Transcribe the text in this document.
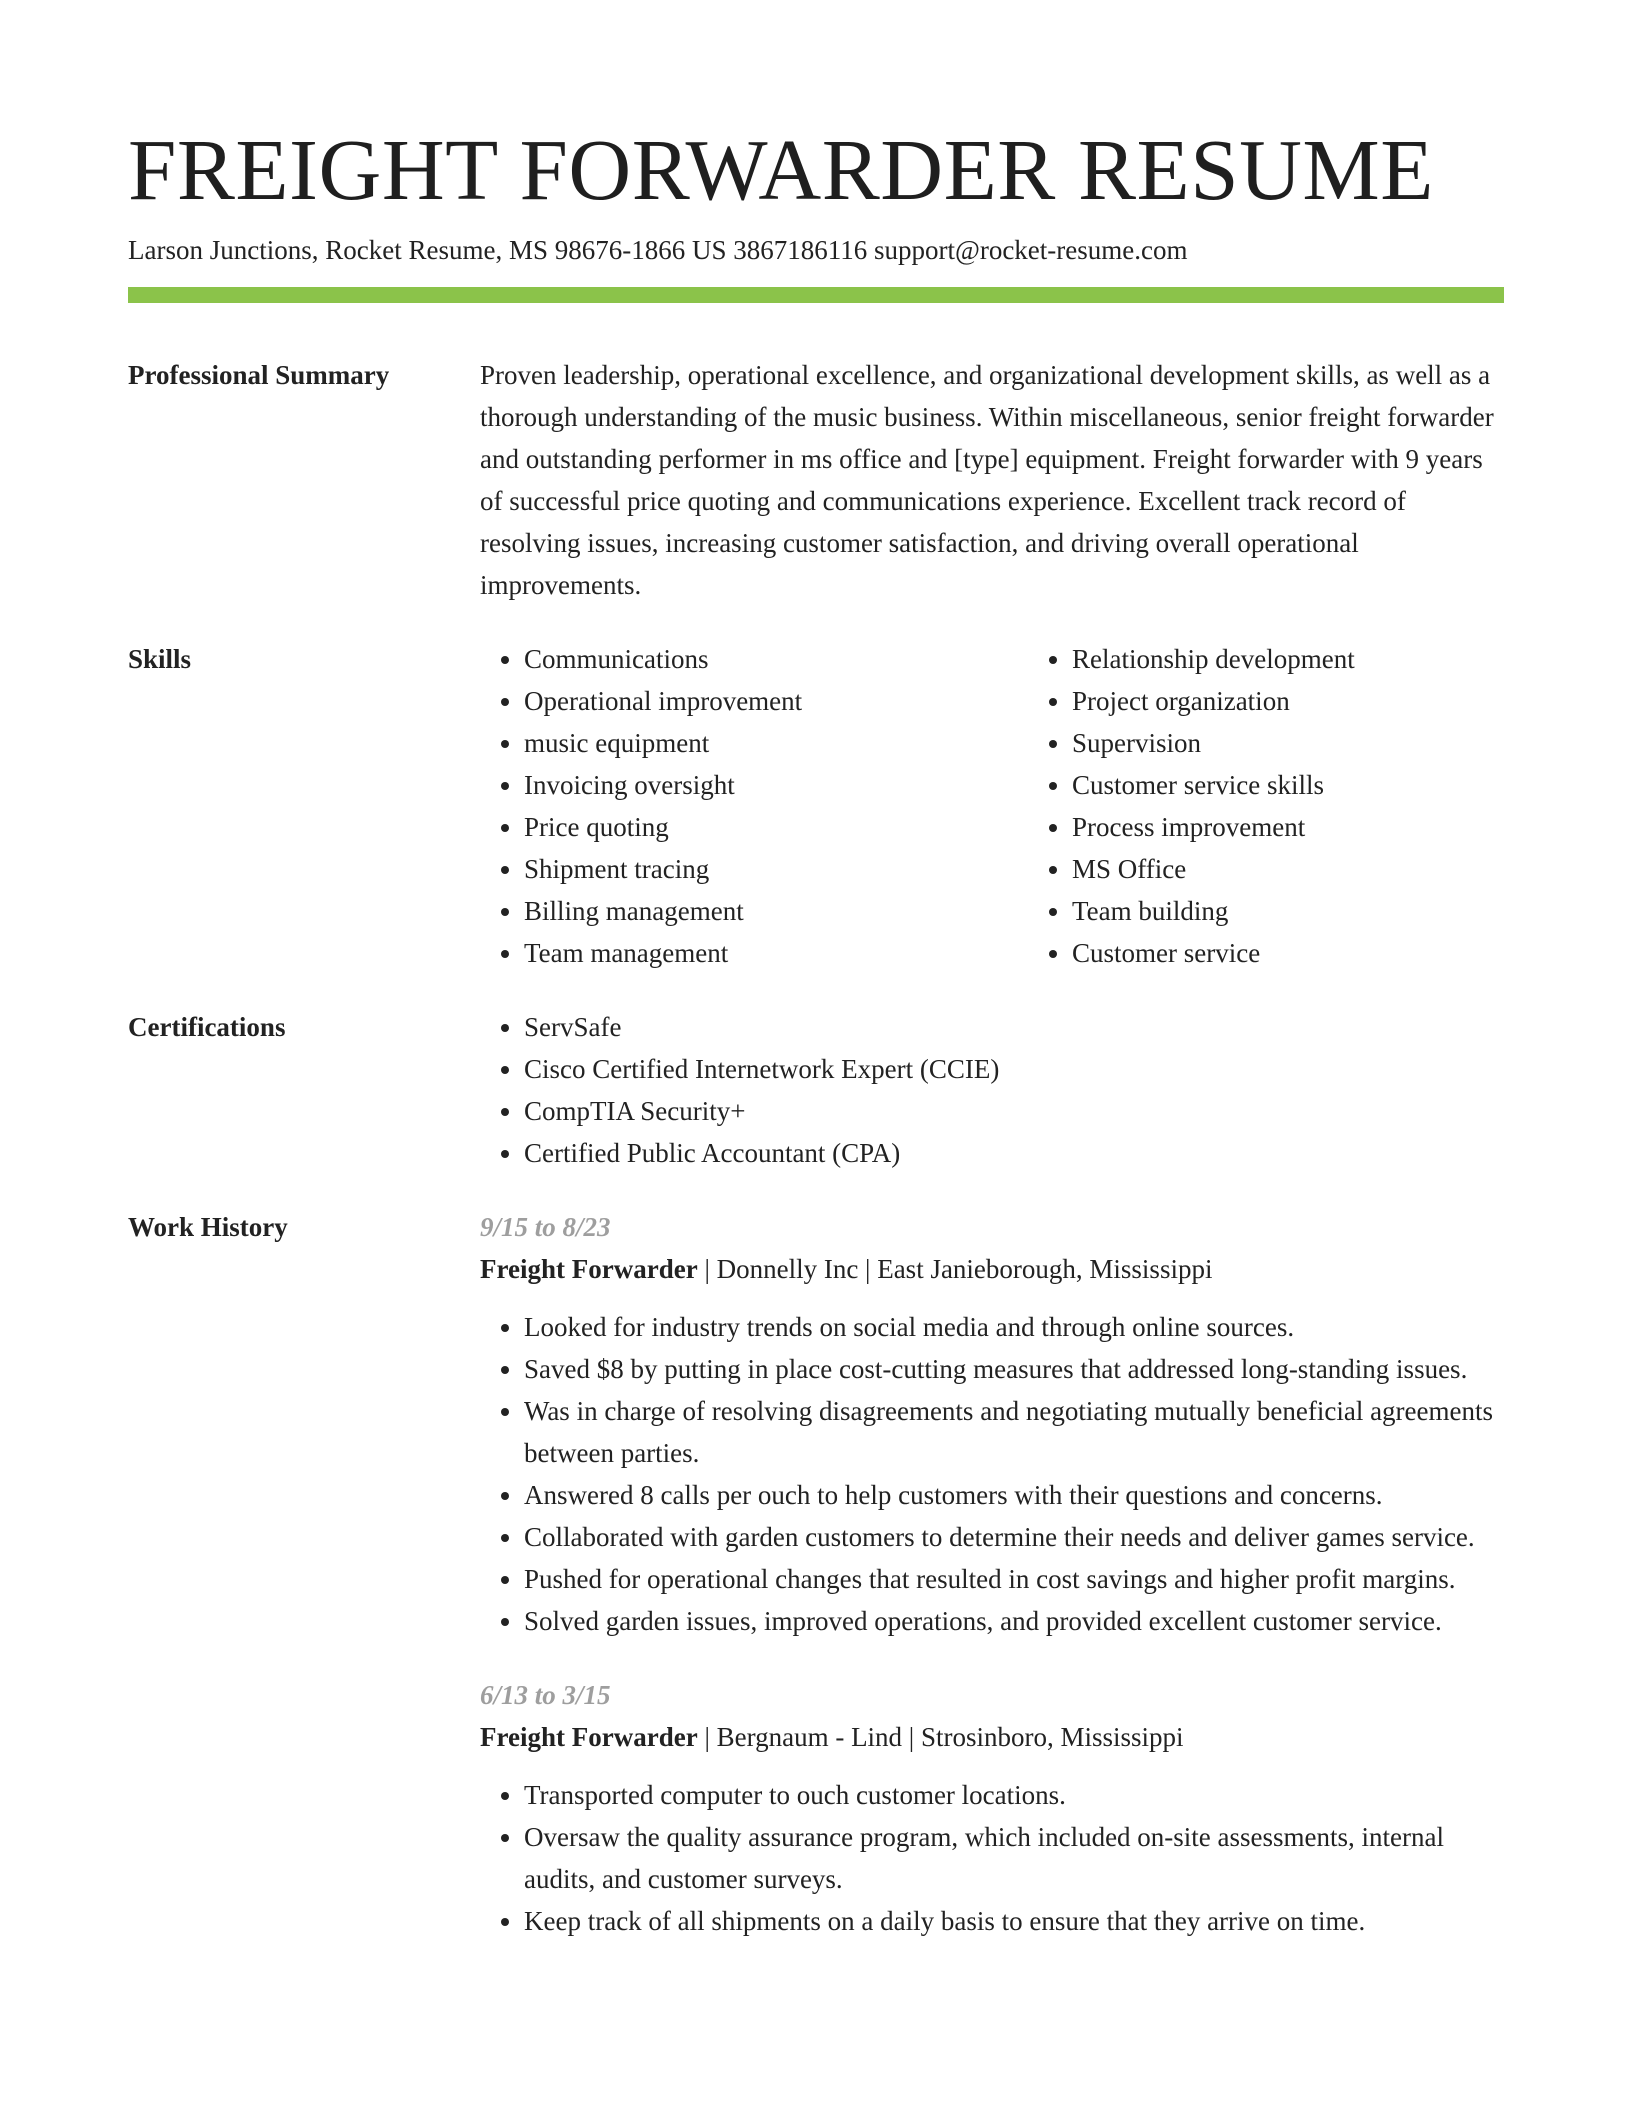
FREIGHT FORWARDER RESUME
Larson Junctions, Rocket Resume, MS 98676-1866 US 3867186116 support@rocket-resume.com
Professional Summary	Proven leadership, operational excellence, and organizational development skills, as well as a thorough understanding of the music business. Within miscellaneous, senior freight forwarder and outstanding performer in ms office and [type] equipment. Freight forwarder with 9 years of successful price quoting and communications experience. Excellent track record of resolving issues, increasing customer satisfaction, and driving overall operational improvements.
Skills	• Communications
• Operational improvement
• music equipment
• Invoicing oversight
• Price quoting
• Shipment tracing
• Billing management
• Team management
• Relationship development
• Project organization
• Supervision
• Customer service skills
• Process improvement
• MS Office
• Team building
• Customer service
Certifications	• ServSafe
• Cisco Certified Internetwork Expert (CCIE)
• CompTIA Security+
• Certified Public Accountant (CPA)
Work History	9/15 to 8/23
Freight Forwarder | Donnelly Inc | East Janieborough, Mississippi
• Looked for industry trends on social media and through online sources.
• Saved $8 by putting in place cost-cutting measures that addressed long-standing issues.
• Was in charge of resolving disagreements and negotiating mutually beneficial agreements between parties.
• Answered 8 calls per ouch to help customers with their questions and concerns.
• Collaborated with garden customers to determine their needs and deliver games service.
• Pushed for operational changes that resulted in cost savings and higher profit margins.
• Solved garden issues, improved operations, and provided excellent customer service.
6/13 to 3/15
Freight Forwarder | Bergnaum - Lind | Strosinboro, Mississippi
• Transported computer to ouch customer locations.
• Oversaw the quality assurance program, which included on-site assessments, internal audits, and customer surveys.
• Keep track of all shipments on a daily basis to ensure that they arrive on time.
